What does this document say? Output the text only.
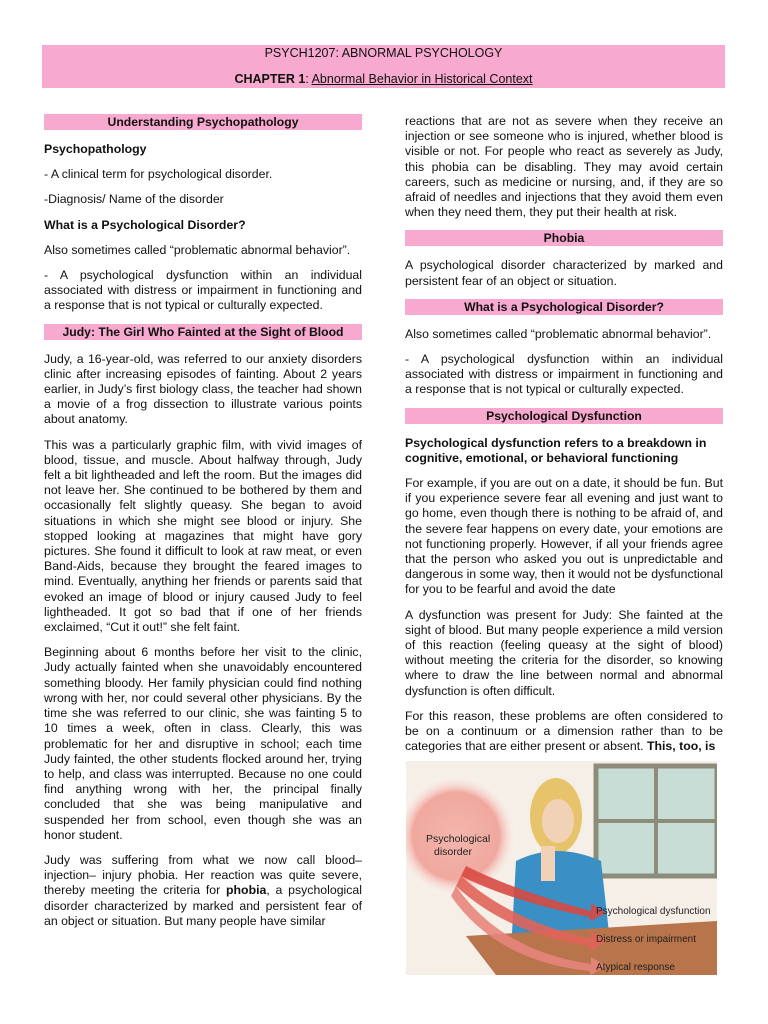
PSYCH1207: ABNORMAL PSYCHOLOGY
CHAPTER 1: Abnormal Behavior in Historical Context
Understanding Psychopathology
Psychopathology

- A clinical term for psychological disorder.

-Diagnosis/ Name of the disorder

What is a Psychological Disorder?

Also sometimes called “problematic abnormal behavior”.

- A psychological dysfunction within an individual associated with distress or impairment in functioning and a response that is not typical or culturally expected.

Judy: The Girl Who Fainted at the Sight of Blood

Judy, a 16-year-old, was referred to our anxiety disorders clinic after increasing episodes of fainting. About 2 years earlier, in Judy’s first biology class, the teacher had shown a movie of a frog dissection to illustrate various points about anatomy.

This was a particularly graphic film, with vivid images of blood, tissue, and muscle. About halfway through, Judy felt a bit lightheaded and left the room. But the images did not leave her. She continued to be bothered by them and occasionally felt slightly queasy. She began to avoid situations in which she might see blood or injury. She stopped looking at magazines that might have gory pictures. She found it difficult to look at raw meat, or even Band-Aids, because they brought the feared images to mind. Eventually, anything her friends or parents said that evoked an image of blood or injury caused Judy to feel lightheaded. It got so bad that if one of her friends exclaimed, “Cut it out!” she felt faint.

Beginning about 6 months before her visit to the clinic, Judy actually fainted when she unavoidably encountered something bloody. Her family physician could find nothing wrong with her, nor could several other physicians. By the time she was referred to our clinic, she was fainting 5 to 10 times a week, often in class. Clearly, this was problematic for her and disruptive in school; each time Judy fainted, the other students flocked around her, trying to help, and class was interrupted. Because no one could find anything wrong with her, the principal finally concluded that she was being manipulative and suspended her from school, even though she was an honor student.

Judy was suffering from what we now call blood–injection– injury phobia. Her reaction was quite severe, thereby meeting the criteria for phobia, a psychological disorder characterized by marked and persistent fear of an object or situation. But many people have similar

reactions that are not as severe when they receive an injection or see someone who is injured, whether blood is visible or not. For people who react as severely as Judy, this phobia can be disabling. They may avoid certain careers, such as medicine or nursing, and, if they are so afraid of needles and injections that they avoid them even when they need them, they put their health at risk.

Phobia

A psychological disorder characterized by marked and persistent fear of an object or situation.

What is a Psychological Disorder?

Also sometimes called “problematic abnormal behavior”.

- A psychological dysfunction within an individual associated with distress or impairment in functioning and a response that is not typical or culturally expected.

Psychological Dysfunction

Psychological dysfunction refers to a breakdown in cognitive, emotional, or behavioral functioning

For example, if you are out on a date, it should be fun. But if you experience severe fear all evening and just want to go home, even though there is nothing to be afraid of, and the severe fear happens on every date, your emotions are not functioning properly. However, if all your friends agree that the person who asked you out is unpredictable and dangerous in some way, then it would not be dysfunctional for you to be fearful and avoid the date

A dysfunction was present for Judy: She fainted at the sight of blood. But many people experience a mild version of this reaction (feeling queasy at the sight of blood) without meeting the criteria for the disorder, so knowing where to draw the line between normal and abnormal dysfunction is often difficult.

For this reason, these problems are often considered to be on a continuum or a dimension rather than to be categories that are either present or absent. This, too, is

Psychological
disorder
Psychological dysfunction
Distress or impairment
Atypical response
